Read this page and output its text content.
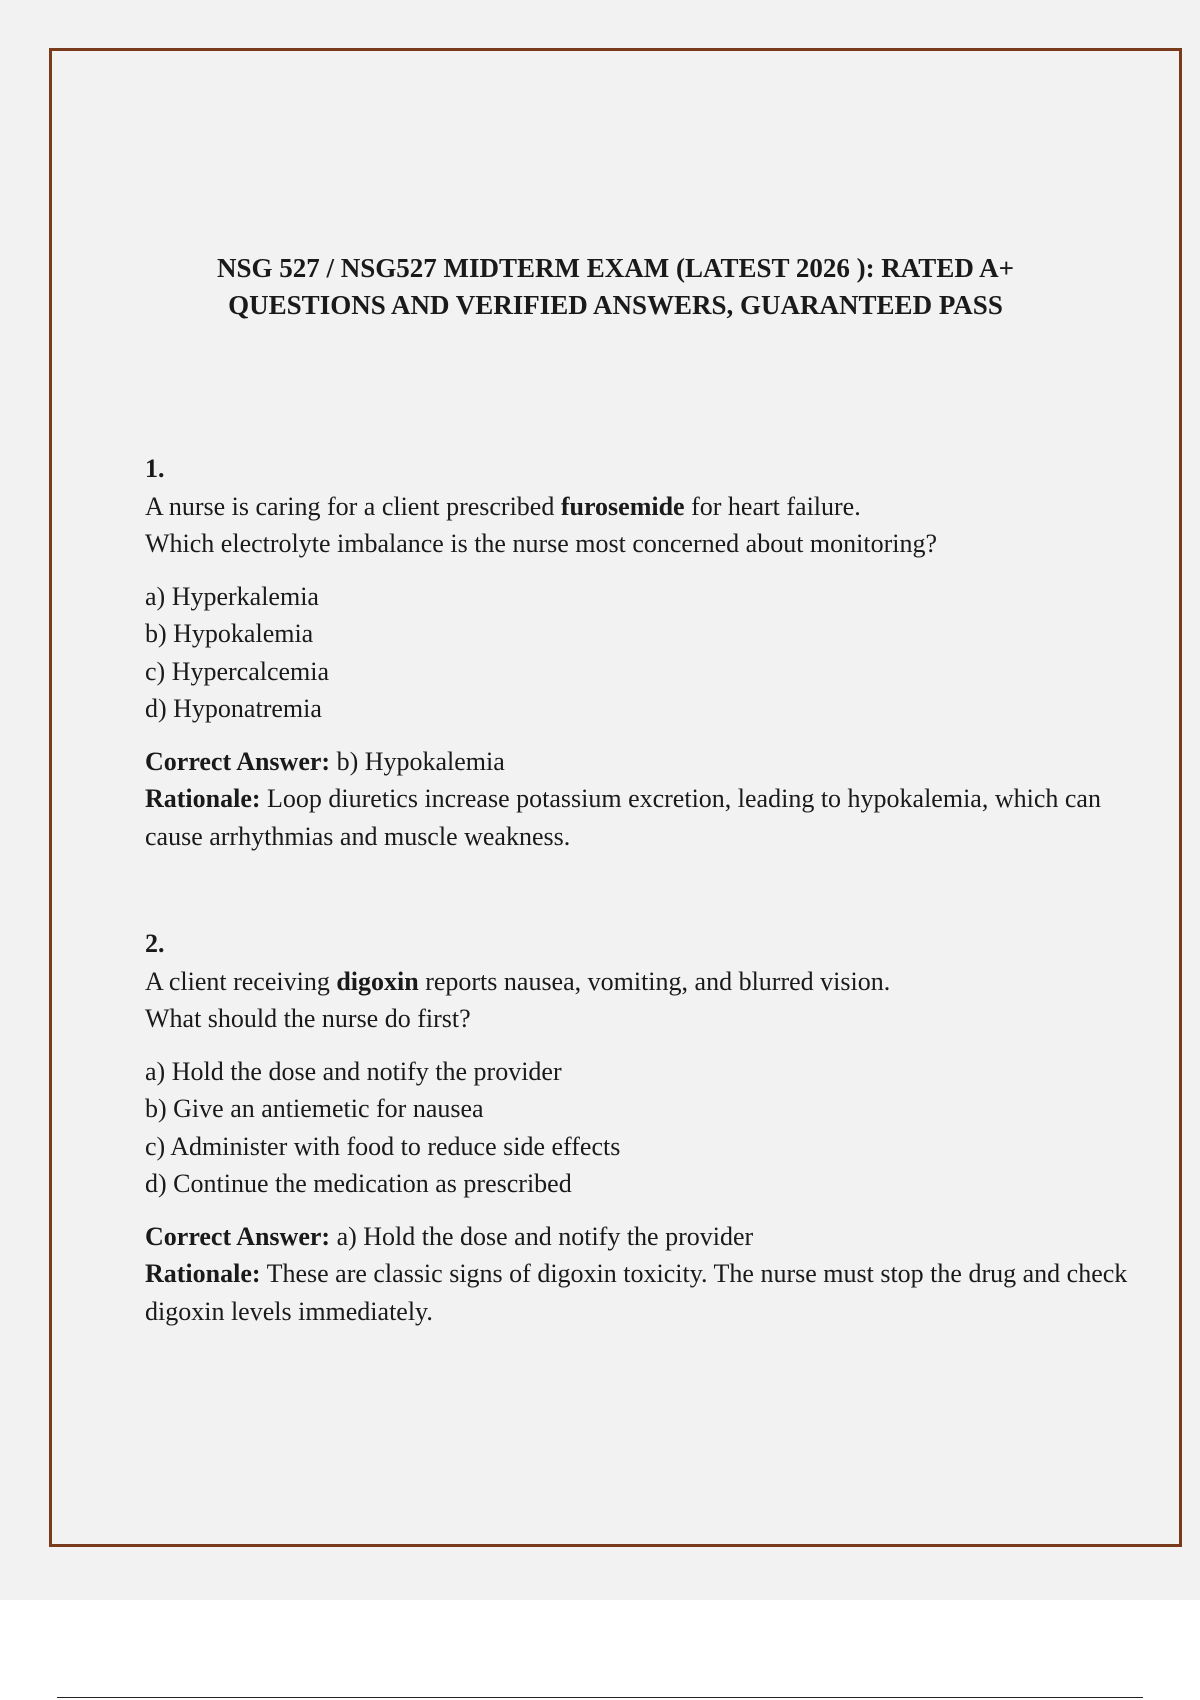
NSG 527 / NSG527 MIDTERM EXAM (LATEST 2026 ): RATED A+
QUESTIONS AND VERIFIED ANSWERS, GUARANTEED PASS

1.

A nurse is caring for a client prescribed furosemide for heart failure.

Which electrolyte imbalance is the nurse most concerned about monitoring?

a) Hyperkalemia
b) Hypokalemia
c) Hypercalcemia
d) Hyponatremia

Correct Answer: b) Hypokalemia

Rationale: Loop diuretics increase potassium excretion, leading to hypokalemia, which can cause arrhythmias and muscle weakness.

2.

A client receiving digoxin reports nausea, vomiting, and blurred vision.

What should the nurse do first?

a) Hold the dose and notify the provider
b) Give an antiemetic for nausea
c) Administer with food to reduce side effects
d) Continue the medication as prescribed

Correct Answer: a) Hold the dose and notify the provider

Rationale: These are classic signs of digoxin toxicity. The nurse must stop the drug and check digoxin levels immediately.
